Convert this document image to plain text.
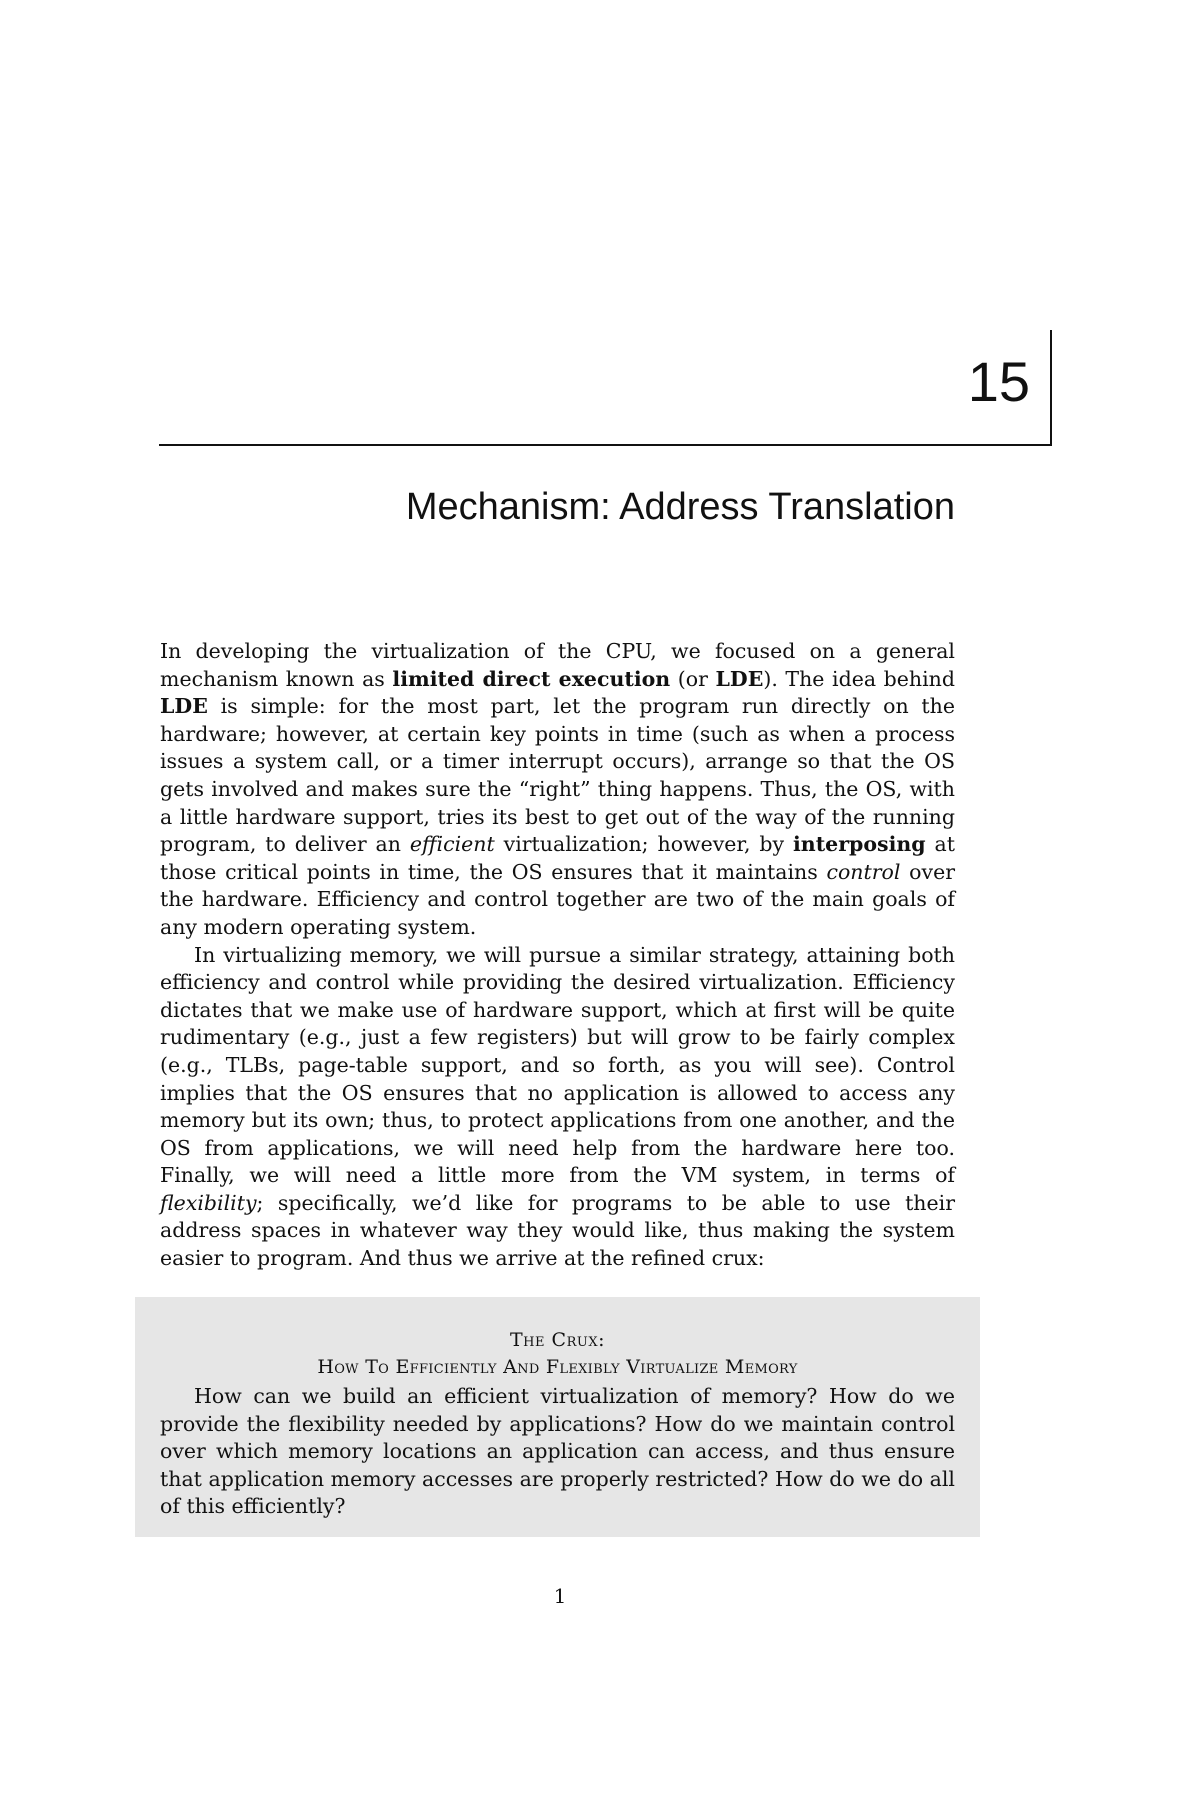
15
Mechanism: Address Translation

In developing the virtualization of the CPU, we focused on a general mechanism known as limited direct execution (or LDE). The idea behind LDE is simple: for the most part, let the program run directly on the hardware; however, at certain key points in time (such as when a process issues a system call, or a timer interrupt occurs), arrange so that the OS gets involved and makes sure the “right” thing happens. Thus, the OS, with a little hardware support, tries its best to get out of the way of the running program, to deliver an efficient virtualization; however, by interposing at those critical points in time, the OS ensures that it maintains control over the hardware. Efficiency and control together are two of the main goals of any modern operating system.

In virtualizing memory, we will pursue a similar strategy, attaining both efficiency and control while providing the desired virtualization. Efficiency dictates that we make use of hardware support, which at first will be quite rudimentary (e.g., just a few registers) but will grow to be fairly complex (e.g., TLBs, page-table support, and so forth, as you will see). Control implies that the OS ensures that no application is allowed to access any memory but its own; thus, to protect applications from one another, and the OS from applications, we will need help from the hardware here too. Finally, we will need a little more from the VM system, in terms of flexibility; specifically, we’d like for programs to be able to use their address spaces in whatever way they would like, thus making the system easier to program. And thus we arrive at the refined crux:

The Crux:
How To Efficiently And Flexibly Virtualize Memory

How can we build an efficient virtualization of memory? How do we provide the flexibility needed by applications? How do we maintain control over which memory locations an application can access, and thus ensure that application memory accesses are properly restricted? How do we do all of this efficiently?

1
